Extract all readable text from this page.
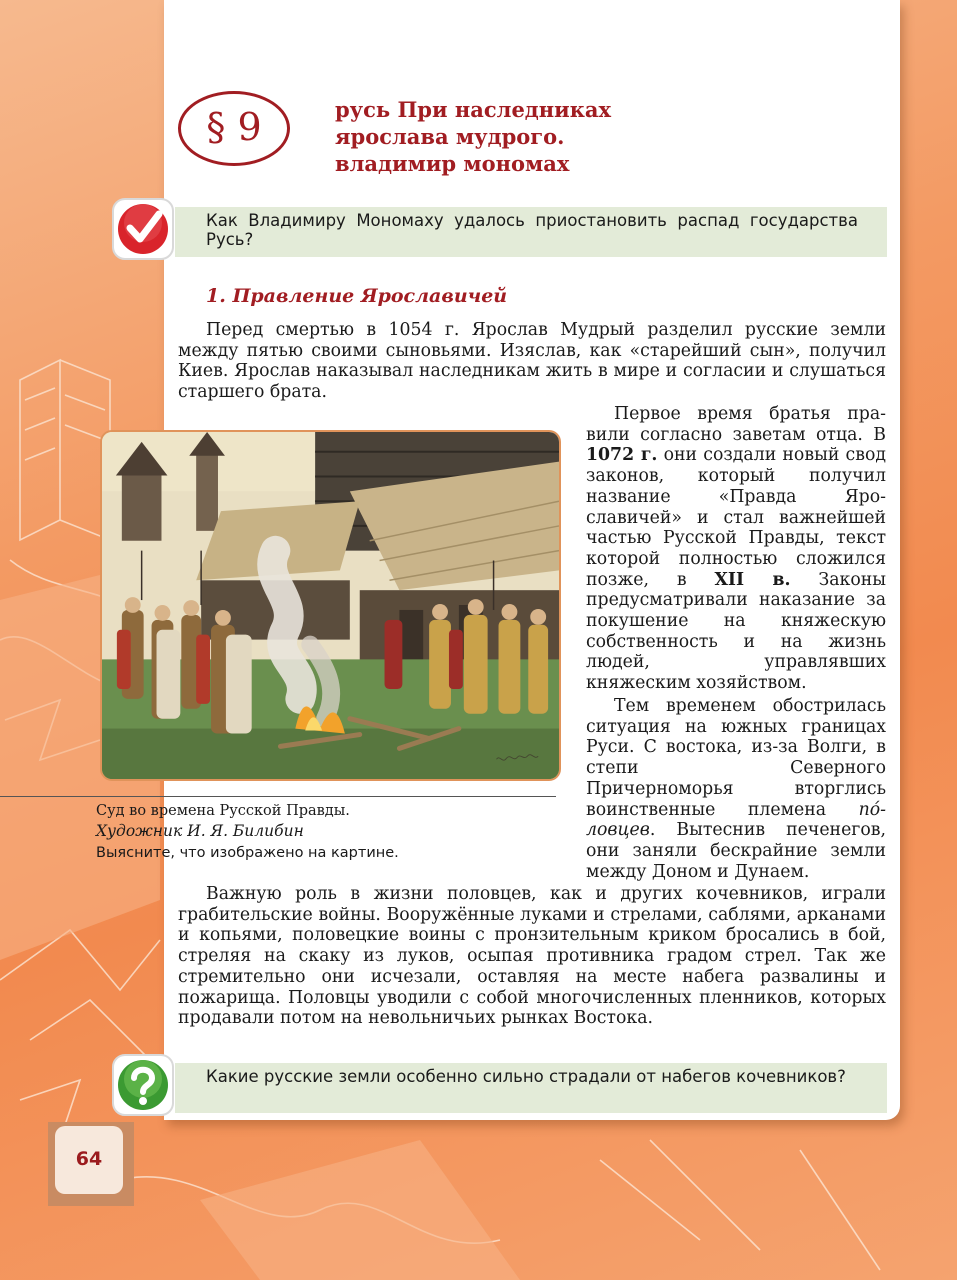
§ 9	русь При наследниках
ярослава мудрого.
владимир мономах
Как Владимиру Мономаху удалось приостановить распад государства Русь?
1. Правление Ярославичей
Перед смертью в 1054 г. Ярослав Мудрый разделил русские земли между пятью своими сыновьями. Изяслав, как «старейший сын», получил Киев. Ярослав наказывал наследникам жить в мире и согласии и слушаться старшего брата.
Первое время братья правили согласно заветам отца. В 1072 г. они создали новый свод законов, который получил название «Правда Ярославичей» и стал важнейшей частью Русской Правды, текст которой полностью сложился позже, в XII в. Законы предусматривали наказание за покушение на княжескую собственность и на жизнь людей, управлявших княжеским хозяйством.
Тем временем обострилась ситуация на южных границах Руси. С востока, из-за Волги, в степи Северного Причерноморья вторглись воинственные племена пóловцев. Вытеснив печенегов, они заняли бескрайние земли между Доном и Дунаем.
Важную роль в жизни половцев, как и других кочевников, играли грабительские войны. Вооружённые луками и стрелами, саблями, арканами и копьями, половецкие воины с пронзительным криком бросались в бой, стреляя на скаку из луков, осыпая противника градом стрел. Так же стремительно они исчезали, оставляя на месте набега развалины и пожарища. Половцы уводили с собой многочисленных пленников, которых продавали потом на невольничьих рынках Востока.
Суд во времена Русской Правды.
Художник И. Я. Билибин
Выясните, что изображено на картине.
Какие русские земли особенно сильно страдали от набегов кочевников?
64
